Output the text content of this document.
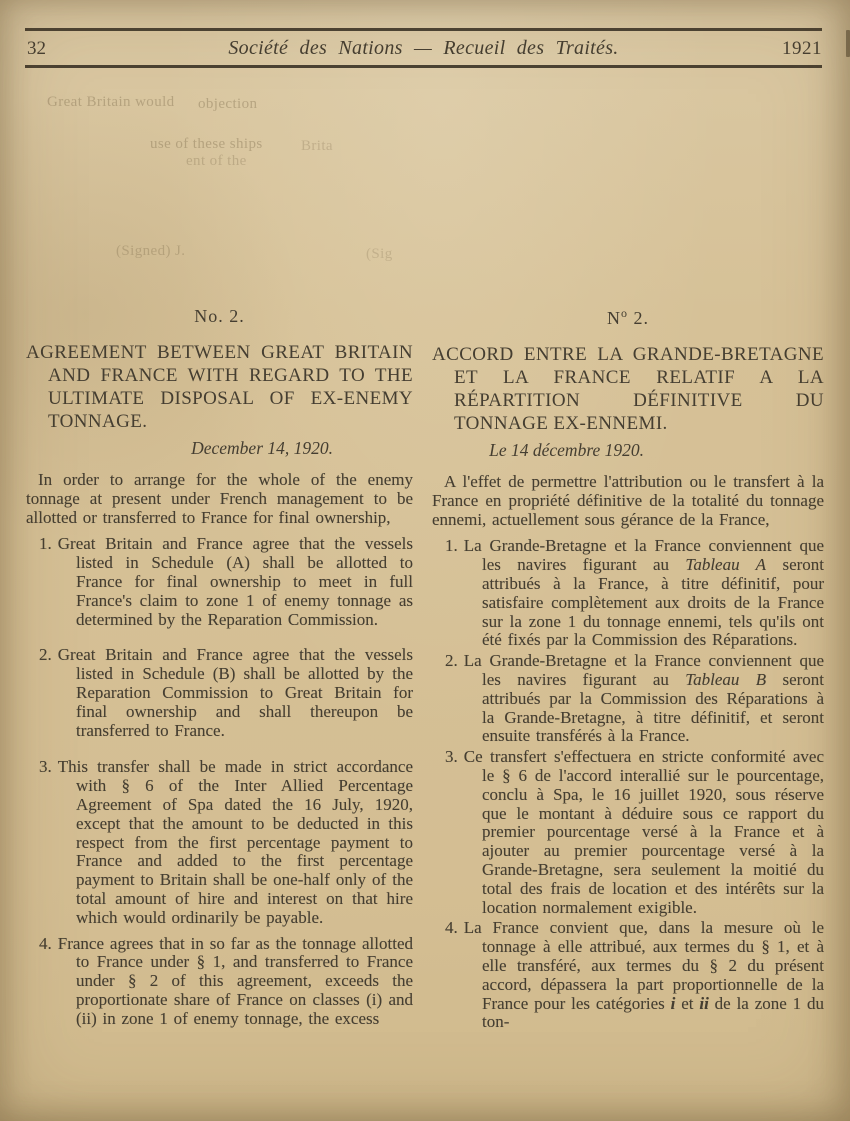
32	Société des Nations — Recueil des Traités.	1921
Great Britain would objection
use of these ships	Brita
ent of the
(Signed) J.	(Sig

No. 2.

AGREEMENT BETWEEN GREAT BRITAIN AND FRANCE WITH REGARD TO THE ULTIMATE DISPOSAL OF EX-ENEMY TONNAGE.

December 14, 1920.

In order to arrange for the whole of the enemy tonnage at present under French management to be allotted or transferred to France for final ownership,

1. Great Britain and France agree that the vessels listed in Schedule (A) shall be allotted to France for final ownership to meet in full France's claim to zone 1 of enemy tonnage as determined by the Reparation Commission.

2. Great Britain and France agree that the vessels listed in Schedule (B) shall be allotted by the Reparation Commission to Great Britain for final ownership and shall thereupon be transferred to France.

3. This transfer shall be made in strict accordance with § 6 of the Inter Allied Percentage Agreement of Spa dated the 16 July, 1920, except that the amount to be deducted in this respect from the first percentage payment to France and added to the first percentage payment to Britain shall be one-half only of the total amount of hire and interest on that hire which would ordinarily be payable.

4. France agrees that in so far as the tonnage allotted to France under § 1, and transferred to France under § 2 of this agreement, exceeds the proportionate share of France on classes (i) and (ii) in zone 1 of enemy tonnage, the excess

$N^o$ 2.

ACCORD ENTRE LA GRANDE-BRETAGNE ET LA FRANCE RELATIF A LA RÉPARTITION DÉFINITIVE DU TONNAGE EX-ENNEMI.

Le 14 décembre 1920.

A l'effet de permettre l'attribution ou le transfert à la France en propriété définitive de la totalité du tonnage ennemi, actuellement sous gérance de la France,

1. La Grande-Bretagne et la France conviennent que les navires figurant au Tableau A seront attribués à la France, à titre définitif, pour satisfaire complètement aux droits de la France sur la zone 1 du tonnage ennemi, tels qu'ils ont été fixés par la Commission des Réparations.

2. La Grande-Bretagne et la France conviennent que les navires figurant au Tableau B seront attribués par la Commission des Réparations à la Grande-Bretagne, à titre définitif, et seront ensuite transférés à la France.

3. Ce transfert s'effectuera en stricte conformité avec le § 6 de l'accord interallié sur le pourcentage, conclu à Spa, le 16 juillet 1920, sous réserve que le montant à déduire sous ce rapport du premier pourcentage versé à la France et à ajouter au premier pourcentage versé à la Grande-Bretagne, sera seulement la moitié du total des frais de location et des intérêts sur la location normalement exigible.

4. La France convient que, dans la mesure où le tonnage à elle attribué, aux termes du § 1, et à elle transféré, aux termes du § 2 du présent accord, dépassera la part proportionnelle de la France pour les catégories i et ii de la zone 1 du ton-
